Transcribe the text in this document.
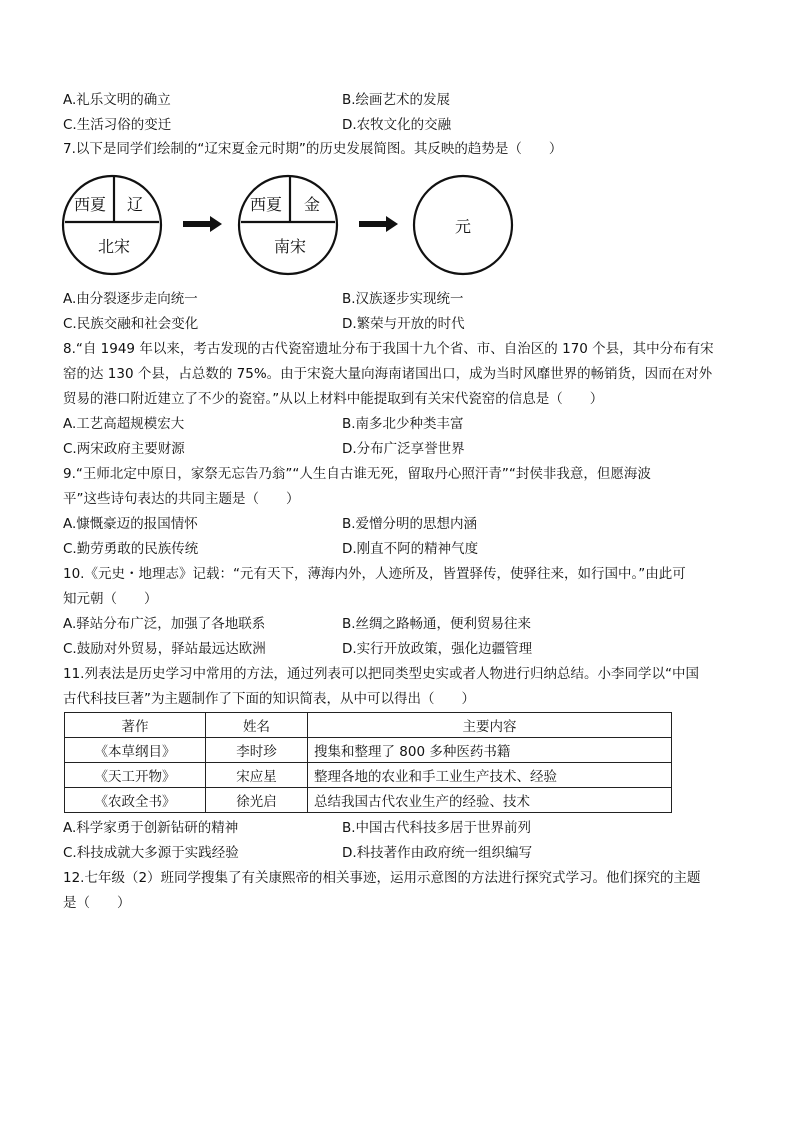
A.礼乐文明的确立	B.绘画艺术的发展
C.生活习俗的变迁	D.农牧文化的交融
7.以下是同学们绘制的“辽宋夏金元时期”的历史发展简图。其反映的趋势是（　　）
西夏 辽
北宋
西夏 金
南宋
元
A.由分裂逐步走向统一	B.汉族逐步实现统一
C.民族交融和社会变化	D.繁荣与开放的时代
8.“自 1949 年以来，考古发现的古代瓷窑遗址分布于我国十九个省、市、自治区的 170 个县，其中分布有宋
窑的达 130 个县，占总数的 75%。由于宋瓷大量向海南诸国出口，成为当时风靡世界的畅销货，因而在对外
贸易的港口附近建立了不少的瓷窑。”从以上材料中能提取到有关宋代瓷窑的信息是（　　）
A.工艺高超规模宏大	B.南多北少种类丰富
C.两宋政府主要财源	D.分布广泛享誉世界
9.“王师北定中原日，家祭无忘告乃翁”“人生自古谁无死，留取丹心照汗青”“封侯非我意，但愿海波
平”这些诗句表达的共同主题是（　　）
A.慷慨豪迈的报国情怀	B.爱憎分明的思想内涵
C.勤劳勇敢的民族传统	D.刚直不阿的精神气度
10.《元史・地理志》记载：“元有天下，薄海内外，人迹所及，皆置驿传，使驿往来，如行国中。”由此可
知元朝（　　）
A.驿站分布广泛，加强了各地联系	B.丝绸之路畅通，便利贸易往来
C.鼓励对外贸易，驿站最远达欧洲	D.实行开放政策，强化边疆管理
11.列表法是历史学习中常用的方法，通过列表可以把同类型史实或者人物进行归纳总结。小李同学以“中国
古代科技巨著”为主题制作了下面的知识简表，从中可以得出（　　）
著作	姓名	主要内容
《本草纲目》	李时珍	搜集和整理了 800 多种医药书籍
《天工开物》	宋应星	整理各地的农业和手工业生产技术、经验
《农政全书》	徐光启	总结我国古代农业生产的经验、技术
A.科学家勇于创新钻研的精神	B.中国古代科技多居于世界前列
C.科技成就大多源于实践经验	D.科技著作由政府统一组织编写
12.七年级（2）班同学搜集了有关康熙帝的相关事迹，运用示意图的方法进行探究式学习。他们探究的主题
是（　　）
